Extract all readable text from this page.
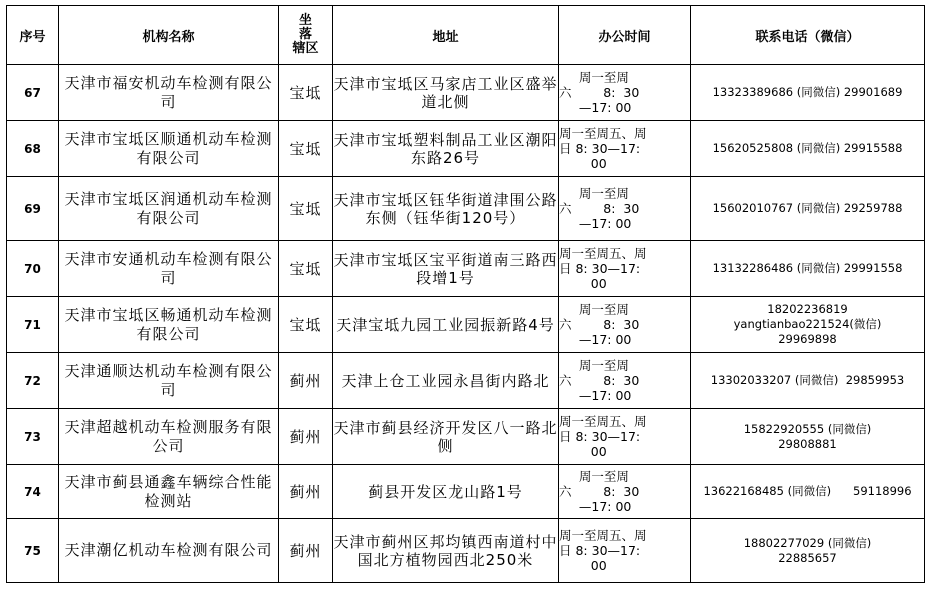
序号	机构名称	坐
落
辖区	地址	办公时间	联系电话（微信）
67	天津市福安机动车检测有限公司	宝坻	天津市宝坻区马家店工业区盛举道北侧	周一至周
六        8:  30
—17: 00	13323389686 (同微信) 29901689

68	天津市宝坻区顺通机动车检测有限公司	宝坻	天津市宝坻塑料制品工业区潮阳东路26号	周一至周五、周
日 8: 30—17:
00	15620525808 (同微信) 29915588

69	天津市宝坻区润通机动车检测有限公司	宝坻	天津市宝坻区钰华街道津围公路东侧（钰华街120号）	周一至周
六        8:  30
—17: 00	15602010767 (同微信) 29259788

70	天津市安通机动车检测有限公司	宝坻	天津市宝坻区宝平街道南三路西段增1号	周一至周五、周
日 8: 30—17:
00	13132286486 (同微信) 29991558

71	天津市宝坻区畅通机动车检测有限公司	宝坻	天津宝坻九园工业园振新路4号	周一至周
六        8:  30
—17: 00	18202236819
yangtianbao221524(微信)
29969898

72	天津通顺达机动车检测有限公司	蓟州	天津上仓工业园永昌街内路北	周一至周
六        8:  30
—17: 00	13302033207 (同微信)  29859953

73	天津超越机动车检测服务有限公司	蓟州	天津市蓟县经济开发区八一路北侧	周一至周五、周
日 8: 30—17:
00	15822920555 (同微信)
29808881

74	天津市蓟县通鑫车辆综合性能检测站	蓟州	蓟县开发区龙山路1号	周一至周
六        8:  30
—17: 00	13622168485 (同微信)      59118996

75	天津潮亿机动车检测有限公司	蓟州	天津市蓟州区邦均镇西南道村中国北方植物园西北250米	周一至周五、周
日 8: 30—17:
00	18802277029 (同微信)
22885657
